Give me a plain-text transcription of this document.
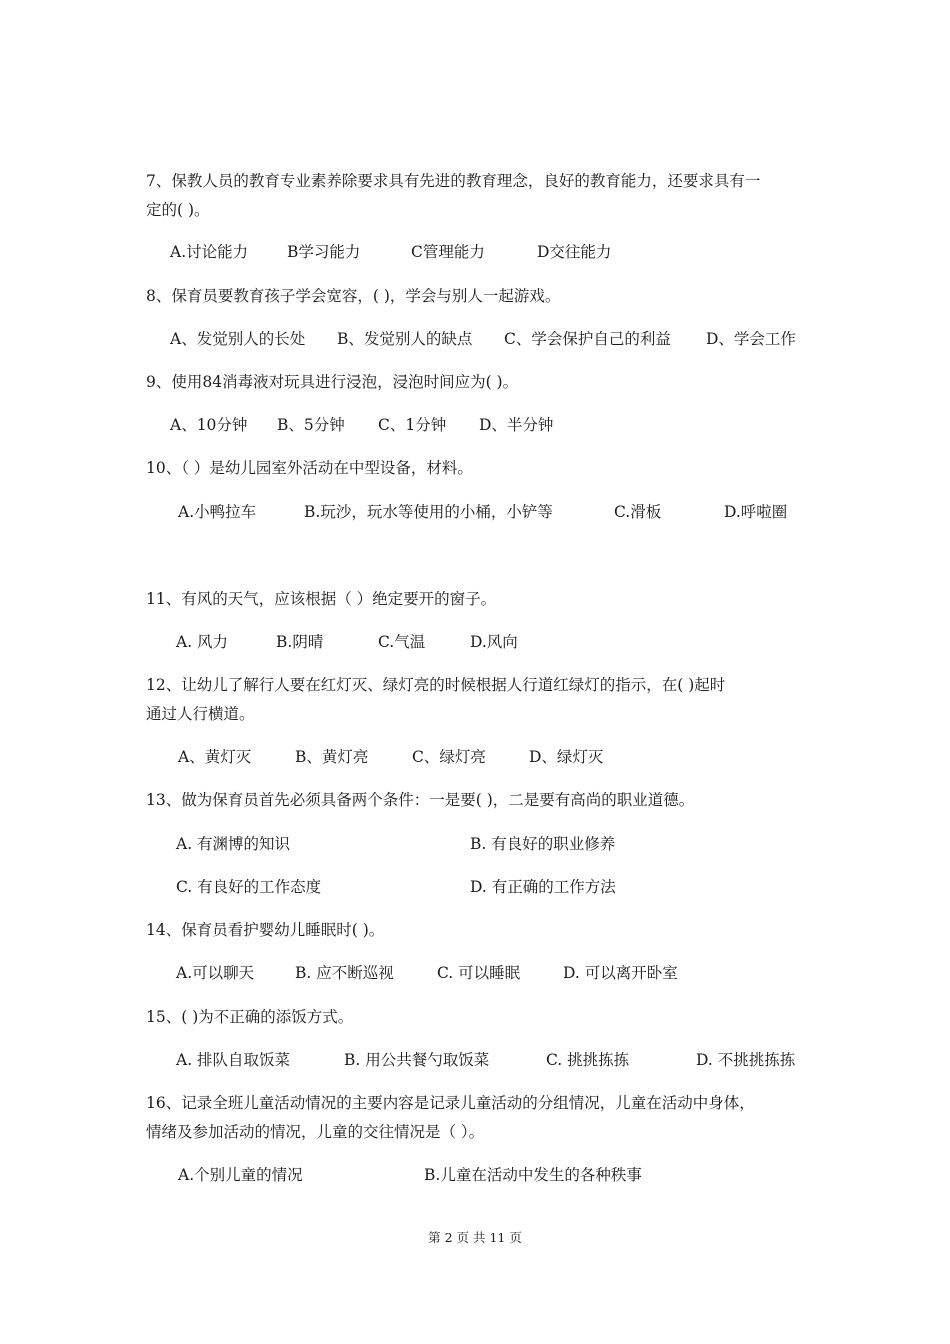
7、保教人员的教育专业素养除要求具有先进的教育理念，良好的教育能力，还要求具有一
定的( )。
A.讨论能力	B学习能力	C管理能力	D交往能力
8、保育员要教育孩子学会宽容，( )，学会与别人一起游戏。
A、发觉别人的长处 B、发觉别人的缺点 C、学会保护自己的利益 D、学会工作
9、使用84消毒液对玩具进行浸泡，浸泡时间应为( )。
A、10分钟 B、5分钟 C、1分钟 D、半分钟
10、（ ）是幼儿园室外活动在中型设备，材料。
A.小鸭拉车	B.玩沙，玩水等使用的小桶，小铲等	C.滑板	D.呼啦圈
11、有风的天气，应该根据（ ）绝定要开的窗子。
A. 风力	B.阴晴	C.气温	D.风向
12、让幼儿了解行人要在红灯灭、绿灯亮的时候根据人行道红绿灯的指示，在( )起时
通过人行横道。
A、黄灯灭	B、黄灯亮	C、绿灯亮	D、绿灯灭
13、做为保育员首先必须具备两个条件：一是要( )，二是要有高尚的职业道德。
A. 有渊博的知识	B. 有良好的职业修养
C. 有良好的工作态度	D. 有正确的工作方法
14、保育员看护婴幼儿睡眠时( )。
A.可以聊天	B. 应不断巡视	C. 可以睡眠	D. 可以离开卧室
15、( )为不正确的添饭方式。
A. 排队自取饭菜	B. 用公共餐勺取饭菜	C. 挑挑拣拣	D. 不挑挑拣拣
16、记录全班儿童活动情况的主要内容是记录儿童活动的分组情况，儿童在活动中身体，
情绪及参加活动的情况，儿童的交往情况是（ ）。
A.个别儿童的情况	B.儿童在活动中发生的各种秩事
第 2 页 共 11 页
